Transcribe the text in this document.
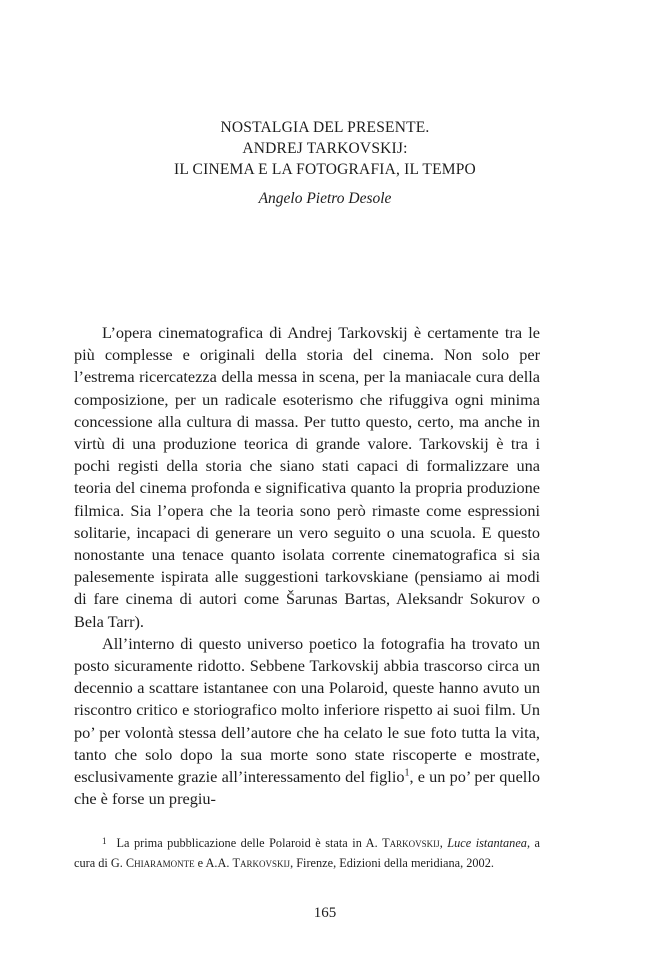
NOSTALGIA DEL PRESENTE.
ANDREJ TARKOVSKIJ:
IL CINEMA E LA FOTOGRAFIA, IL TEMPO
Angelo Pietro Desole

L’opera cinematografica di Andrej Tarkovskij è certamente tra le più complesse e originali della storia del cinema. Non solo per l’estrema ricercatezza della messa in scena, per la maniacale cura della composizione, per un radicale esoterismo che rifuggiva ogni minima concessione alla cultura di massa. Per tutto questo, certo, ma anche in virtù di una produzione teorica di grande valore. Tarkovskij è tra i pochi registi della storia che siano stati capaci di formalizzare una teoria del cinema profonda e significativa quanto la propria produzione filmica. Sia l’opera che la teoria sono però rimaste come espressioni solitarie, incapaci di generare un vero seguito o una scuola. E questo nonostante una tenace quanto isolata corrente cinematografica si sia palesemente ispirata alle suggestioni tarkovskiane (pensiamo ai modi di fare cinema di autori come Šarunas Bartas, Aleksandr Sokurov o Bela Tarr).

All’interno di questo universo poetico la fotografia ha trovato un posto sicuramente ridotto. Sebbene Tarkovskij abbia trascorso circa un decennio a scattare istantanee con una Polaroid, queste hanno avuto un riscontro critico e storiografico molto inferiore rispetto ai suoi film. Un po’ per volontà stessa dell’autore che ha celato le sue foto tutta la vita, tanto che solo dopo la sua morte sono state riscoperte e mostrate, esclusivamente grazie all’interessamento del figlio$^1$, e un po’ per quello che è forse un pregiu-

$^1$ La prima pubblicazione delle Polaroid è stata in A. Tarkovskij, Luce istantanea, a cura di G. Chiaramonte e A.A. Tarkovskij, Firenze, Edizioni della meridiana, 2002.

165
